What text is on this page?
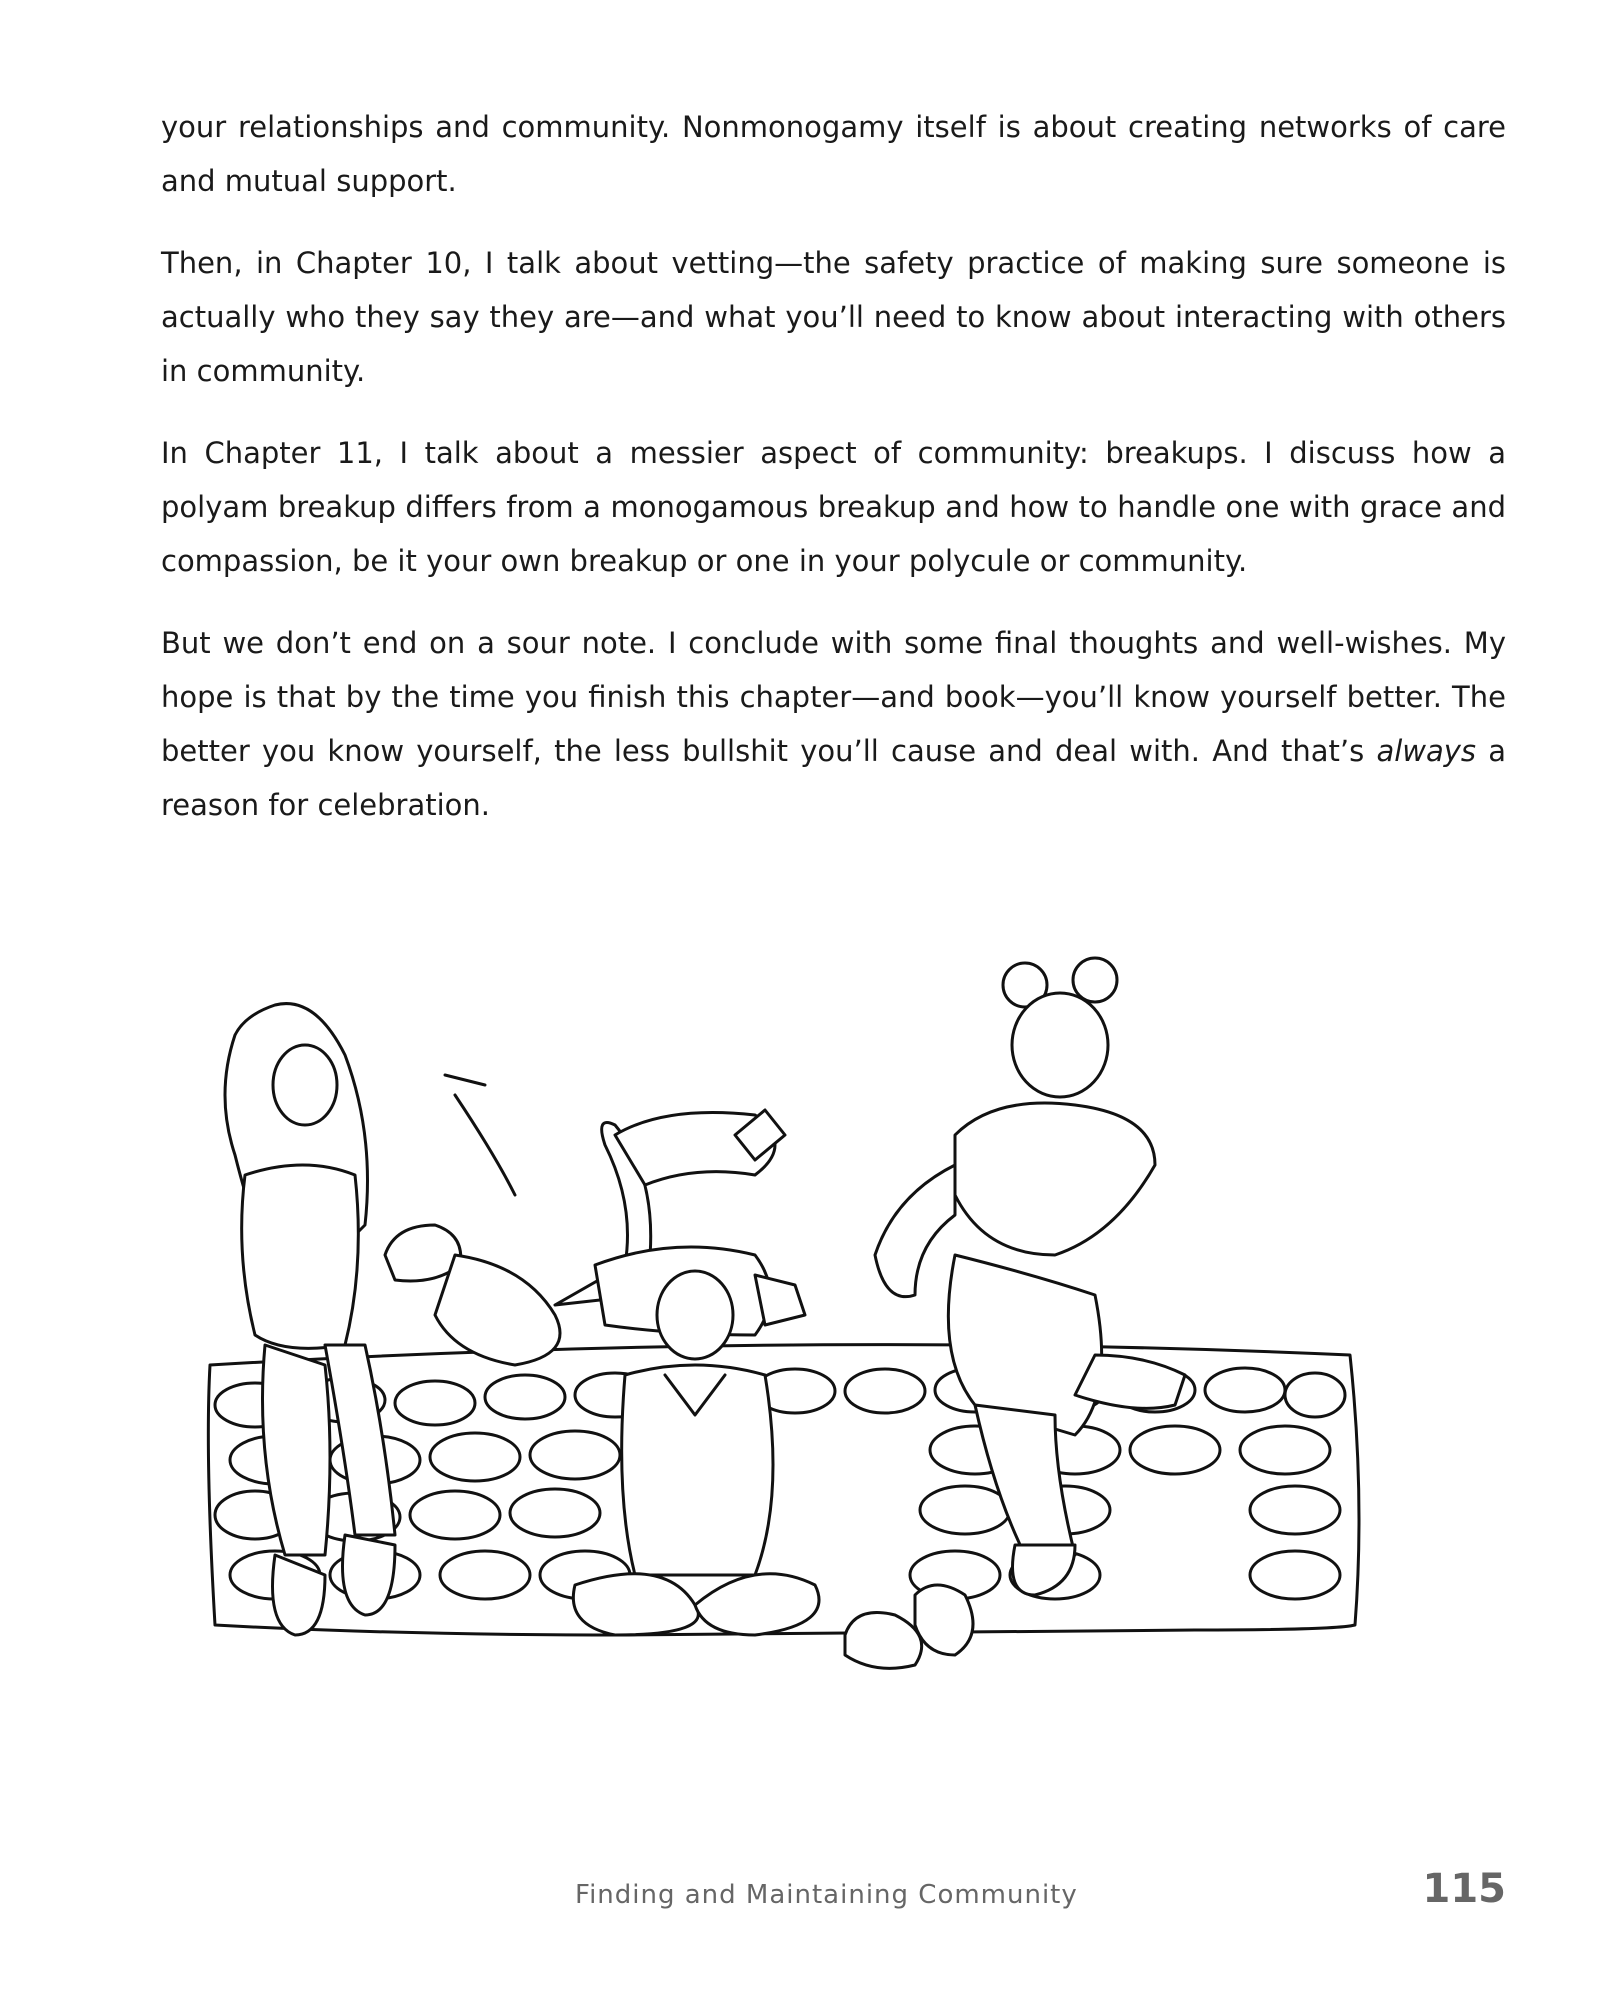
your relationships and community. Nonmonogamy itself is about creating networks of care and mutual support.

Then, in Chapter 10, I talk about vetting—the safety practice of making sure someone is actually who they say they are—and what you’ll need to know about interacting with others in community.

In Chapter 11, I talk about a messier aspect of community: breakups. I discuss how a polyam breakup differs from a monogamous breakup and how to handle one with grace and compassion, be it your own breakup or one in your polycule or community.

But we don’t end on a sour note. I conclude with some final thoughts and well-wishes. My hope is that by the time you finish this chapter—and book—you’ll know yourself better. The better you know yourself, the less bullshit you’ll cause and deal with. And that’s always a reason for celebration.

Finding and Maintaining Community	115
